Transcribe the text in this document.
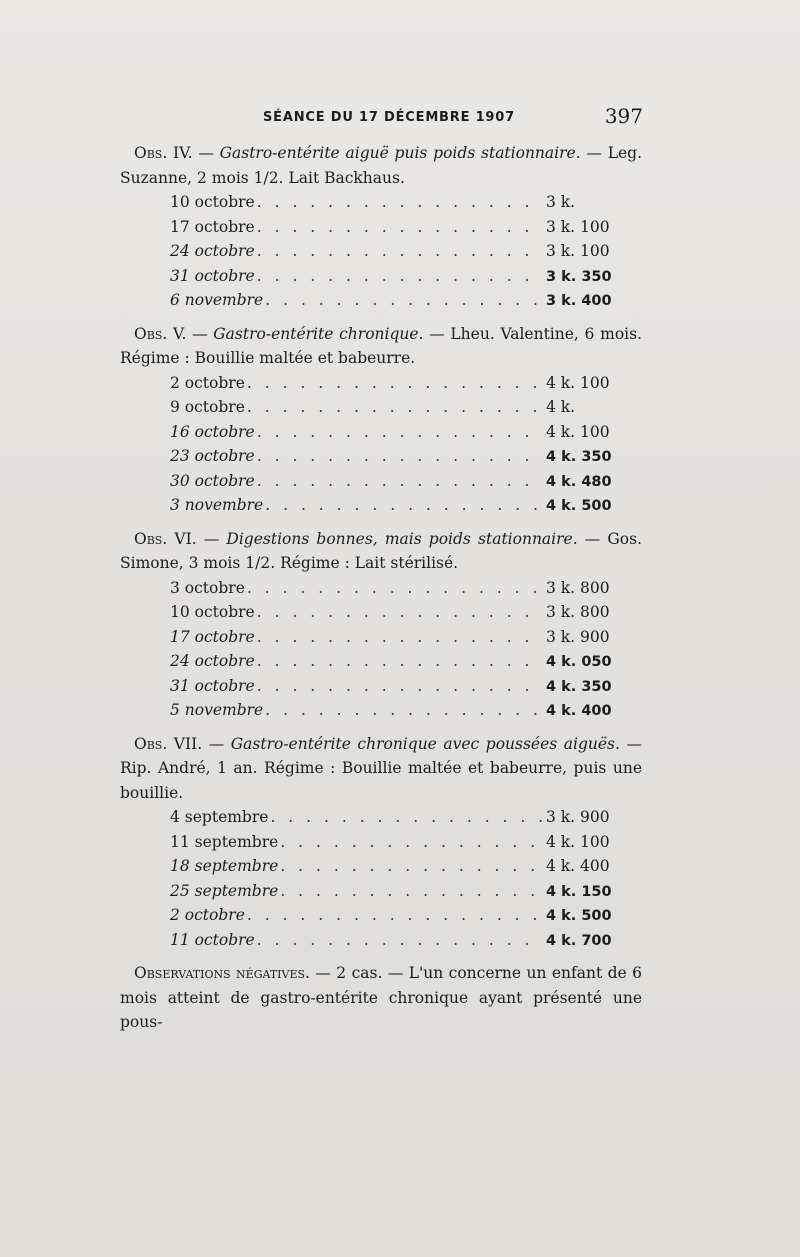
SÉANCE DU 17 DÉCEMBRE 1907	397

Obs. IV. — Gastro-entérite aiguë puis poids stationnaire. — Leg. Suzanne, 2 mois 1/2. Lait Backhaus.

10 octobre . . .	3 k.
17 octobre . . .	3 k. 100
24 octobre . . .	3 k. 100
31 octobre . . .	3 k. 350
6 novembre . . .	3 k. 400

Obs. V. — Gastro-entérite chronique. — Lheu. Valentine, 6 mois. Régime : Bouillie maltée et babeurre.

2 octobre . . .	4 k. 100
9 octobre . . .	4 k.
16 octobre . . .	4 k. 100
23 octobre . . .	4 k. 350
30 octobre . . .	4 k. 480
3 novembre . . .	4 k. 500

Obs. VI. — Digestions bonnes, mais poids stationnaire. — Gos. Simone, 3 mois 1/2. Régime : Lait stérilisé.

3 octobre . . .	3 k. 800
10 octobre . . .	3 k. 800
17 octobre . . .	3 k. 900
24 octobre . . .	4 k. 050
31 octobre . . .	4 k. 350
5 novembre . . .	4 k. 400

Obs. VII. — Gastro-entérite chronique avec poussées aiguës. — Rip. André, 1 an. Régime : Bouillie maltée et babeurre, puis une bouillie.

4 septembre . . .	3 k. 900
11 septembre . . .	4 k. 100
18 septembre . . .	4 k. 400
25 septembre . . .	4 k. 150
2 octobre . . .	4 k. 500
11 octobre . . .	4 k. 700

Observations négatives. — 2 cas. — L'un concerne un enfant de 6 mois atteint de gastro-entérite chronique ayant présenté une pous-
